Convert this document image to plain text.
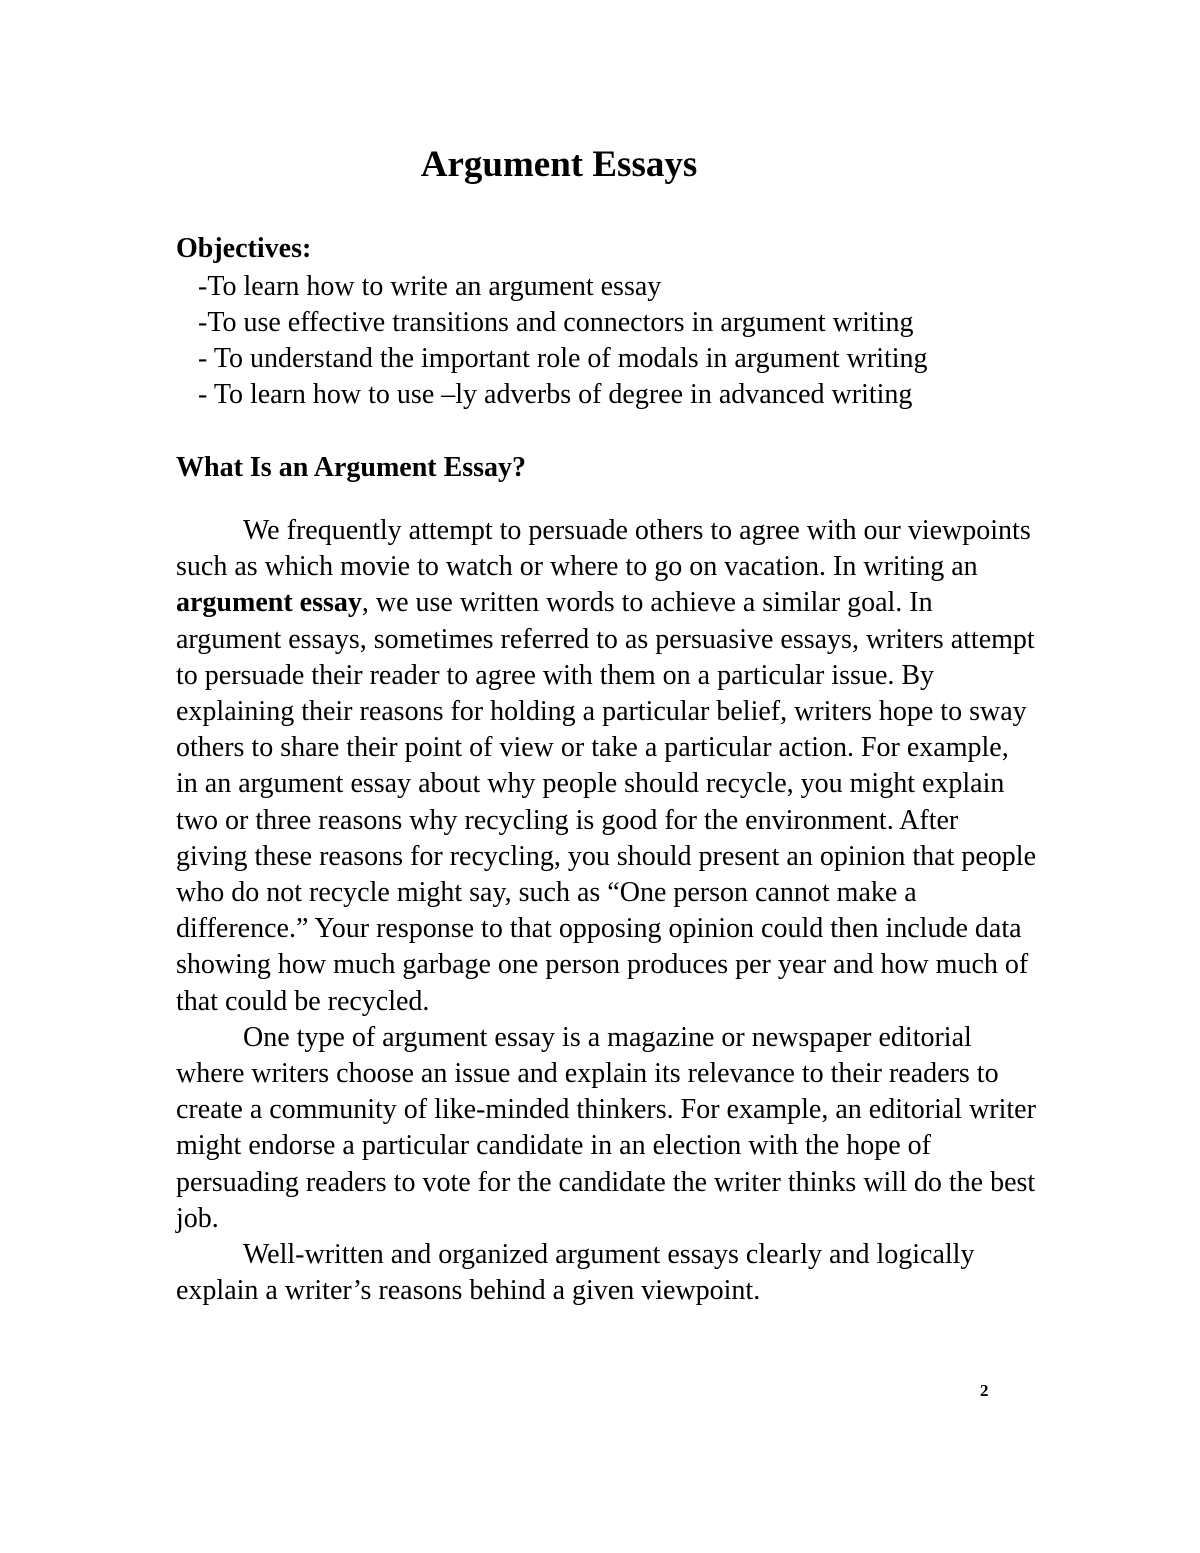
Argument Essays
Objectives:
-To learn how to write an argument essay
-To use effective transitions and connectors in argument writing
- To understand the important role of modals in argument writing
- To learn how to use –ly adverbs of degree in advanced writing
What Is an Argument Essay?

We frequently attempt to persuade others to agree with our viewpoints such as which movie to watch or where to go on vacation. In writing an argument essay, we use written words to achieve a similar goal. In argument essays, sometimes referred to as persuasive essays, writers attempt to persuade their reader to agree with them on a particular issue. By explaining their reasons for holding a particular belief, writers hope to sway others to share their point of view or take a particular action. For example, in an argument essay about why people should recycle, you might explain two or three reasons why recycling is good for the environment. After giving these reasons for recycling, you should present an opinion that people who do not recycle might say, such as “One person cannot make a difference.” Your response to that opposing opinion could then include data showing how much garbage one person produces per year and how much of that could be recycled.

One type of argument essay is a magazine or newspaper editorial where writers choose an issue and explain its relevance to their readers to create a community of like-minded thinkers. For example, an editorial writer might endorse a particular candidate in an election with the hope of persuading readers to vote for the candidate the writer thinks will do the best job.

Well-written and organized argument essays clearly and logically explain a writer’s reasons behind a given viewpoint.

2
